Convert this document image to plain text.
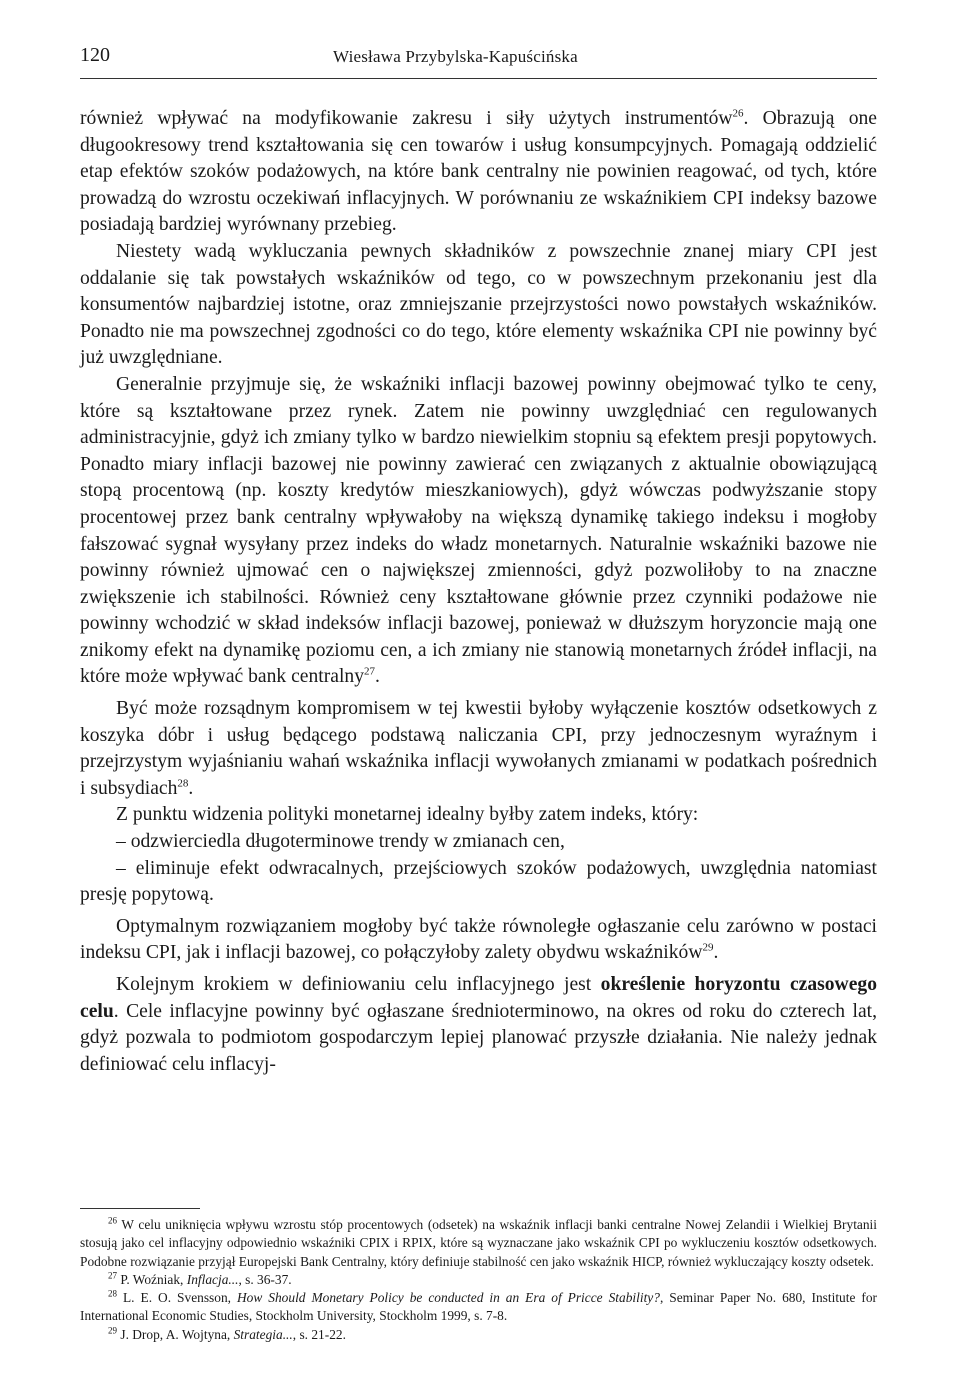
120	Wiesława Przybylska-Kapuścińska

również wpływać na modyfikowanie zakresu i siły użytych instrumentów$^{26}$. Obrazują one długookresowy trend kształtowania się cen towarów i usług konsumpcyjnych. Pomagają oddzielić etap efektów szoków podażowych, na które bank centralny nie powinien reagować, od tych, które prowadzą do wzrostu oczekiwań inflacyjnych. W porównaniu ze wskaźnikiem CPI indeksy bazowe posiadają bardziej wyrównany przebieg.

Niestety wadą wykluczania pewnych składników z powszechnie znanej miary CPI jest oddalanie się tak powstałych wskaźników od tego, co w powszechnym przekonaniu jest dla konsumentów najbardziej istotne, oraz zmniejszanie przejrzystości nowo powstałych wskaźników. Ponadto nie ma powszechnej zgodności co do tego, które elementy wskaźnika CPI nie powinny być już uwzględniane.

Generalnie przyjmuje się, że wskaźniki inflacji bazowej powinny obejmować tylko te ceny, które są kształtowane przez rynek. Zatem nie powinny uwzględniać cen regulowanych administracyjnie, gdyż ich zmiany tylko w bardzo niewielkim stopniu są efektem presji popytowych. Ponadto miary inflacji bazowej nie powinny zawierać cen związanych z aktualnie obowiązującą stopą procentową (np. koszty kredytów mieszkaniowych), gdyż wówczas podwyższanie stopy procentowej przez bank centralny wpływałoby na większą dynamikę takiego indeksu i mogłoby fałszować sygnał wysyłany przez indeks do władz monetarnych. Naturalnie wskaźniki bazowe nie powinny również ujmować cen o największej zmienności, gdyż pozwoliłoby to na znaczne zwiększenie ich stabilności. Również ceny kształtowane głównie przez czynniki podażowe nie powinny wchodzić w skład indeksów inflacji bazowej, ponieważ w dłuższym horyzoncie mają one znikomy efekt na dynamikę poziomu cen, a ich zmiany nie stanowią monetarnych źródeł inflacji, na które może wpływać bank centralny$^{27}$.

Być może rozsądnym kompromisem w tej kwestii byłoby wyłączenie kosztów odsetkowych z koszyka dóbr i usług będącego podstawą naliczania CPI, przy jednoczesnym wyraźnym i przejrzystym wyjaśnianiu wahań wskaźnika inflacji wywołanych zmianami w podatkach pośrednich i subsydiach$^{28}$.

Z punktu widzenia polityki monetarnej idealny byłby zatem indeks, który:
– odzwierciedla długoterminowe trendy w zmianach cen,
– eliminuje efekt odwracalnych, przejściowych szoków podażowych, uwzględnia natomiast presję popytową.

Optymalnym rozwiązaniem mogłoby być także równoległe ogłaszanie celu zarówno w postaci indeksu CPI, jak i inflacji bazowej, co połączyłoby zalety obydwu wskaźników$^{29}$.

Kolejnym krokiem w definiowaniu celu inflacyjnego jest określenie horyzontu czasowego celu. Cele inflacyjne powinny być ogłaszane średnioterminowo, na okres od roku do czterech lat, gdyż pozwala to podmiotom gospodarczym lepiej planować przyszłe działania. Nie należy jednak definiować celu inflacyj-

$^{26}$ W celu uniknięcia wpływu wzrostu stóp procentowych (odsetek) na wskaźnik inflacji banki centralne Nowej Zelandii i Wielkiej Brytanii stosują jako cel inflacyjny odpowiednio wskaźniki CPIX i RPIX, które są wyznaczane jako wskaźnik CPI po wykluczeniu kosztów odsetkowych. Podobne rozwiązanie przyjął Europejski Bank Centralny, który definiuje stabilność cen jako wskaźnik HICP, również wykluczający koszty odsetek.

$^{27}$ P. Woźniak, Inflacja..., s. 36-37.

$^{28}$ L. E. O. Svensson, How Should Monetary Policy be conducted in an Era of Pricce Stability?, Seminar Paper No. 680, Institute for International Economic Studies, Stockholm University, Stockholm 1999, s. 7-8.

$^{29}$ J. Drop, A. Wojtyna, Strategia..., s. 21-22.
